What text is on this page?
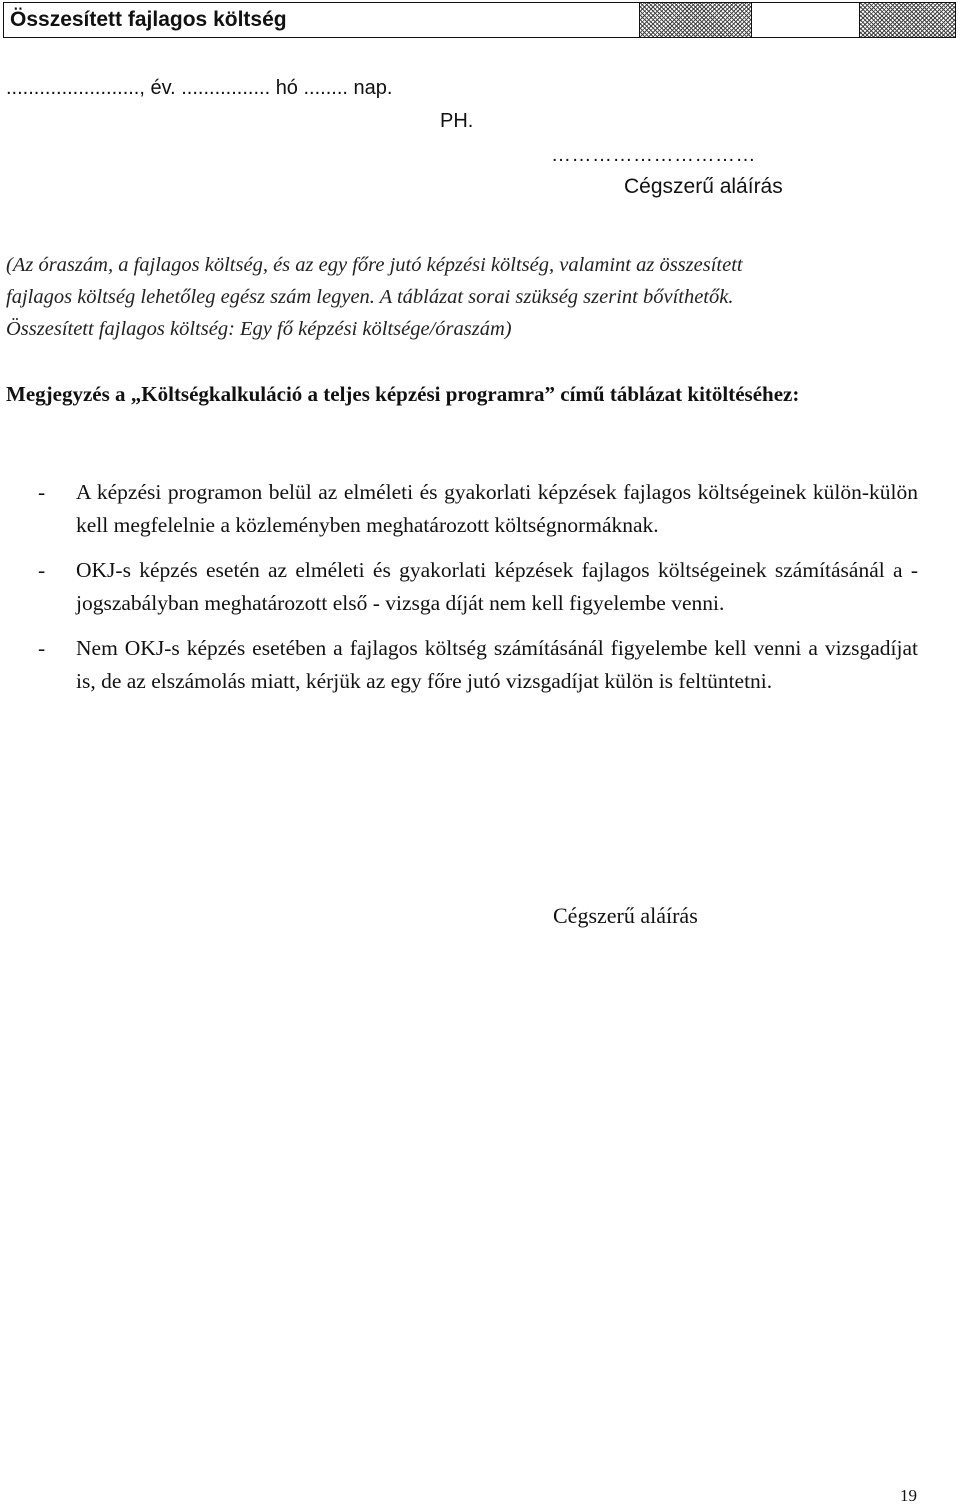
Összesített fajlagos költség
........................, év. ................ hó ........ nap.
PH.
…………………………
Cégszerű aláírás

(Az óraszám, a fajlagos költség, és az egy főre jutó képzési költség, valamint az összesített

fajlagos költség lehetőleg egész szám legyen. A táblázat sorai szükség szerint bővíthetők.

Összesített fajlagos költség: Egy fő képzési költsége/óraszám)

Megjegyzés a „Költségkalkuláció a teljes képzési programra” című táblázat kitöltéséhez:
- A képzési programon belül az elméleti és gyakorlati képzések fajlagos költségeinek külön-külön kell megfelelnie a közleményben meghatározott költségnormáknak.
- OKJ-s képzés esetén az elméleti és gyakorlati képzések fajlagos költségeinek számításánál a - jogszabályban meghatározott első - vizsga díját nem kell figyelembe venni.
- Nem OKJ-s képzés esetében a fajlagos költség számításánál figyelembe kell venni a vizsgadíjat is, de az elszámolás miatt, kérjük az egy főre jutó vizsgadíjat külön is feltüntetni.
Cégszerű aláírás
19
